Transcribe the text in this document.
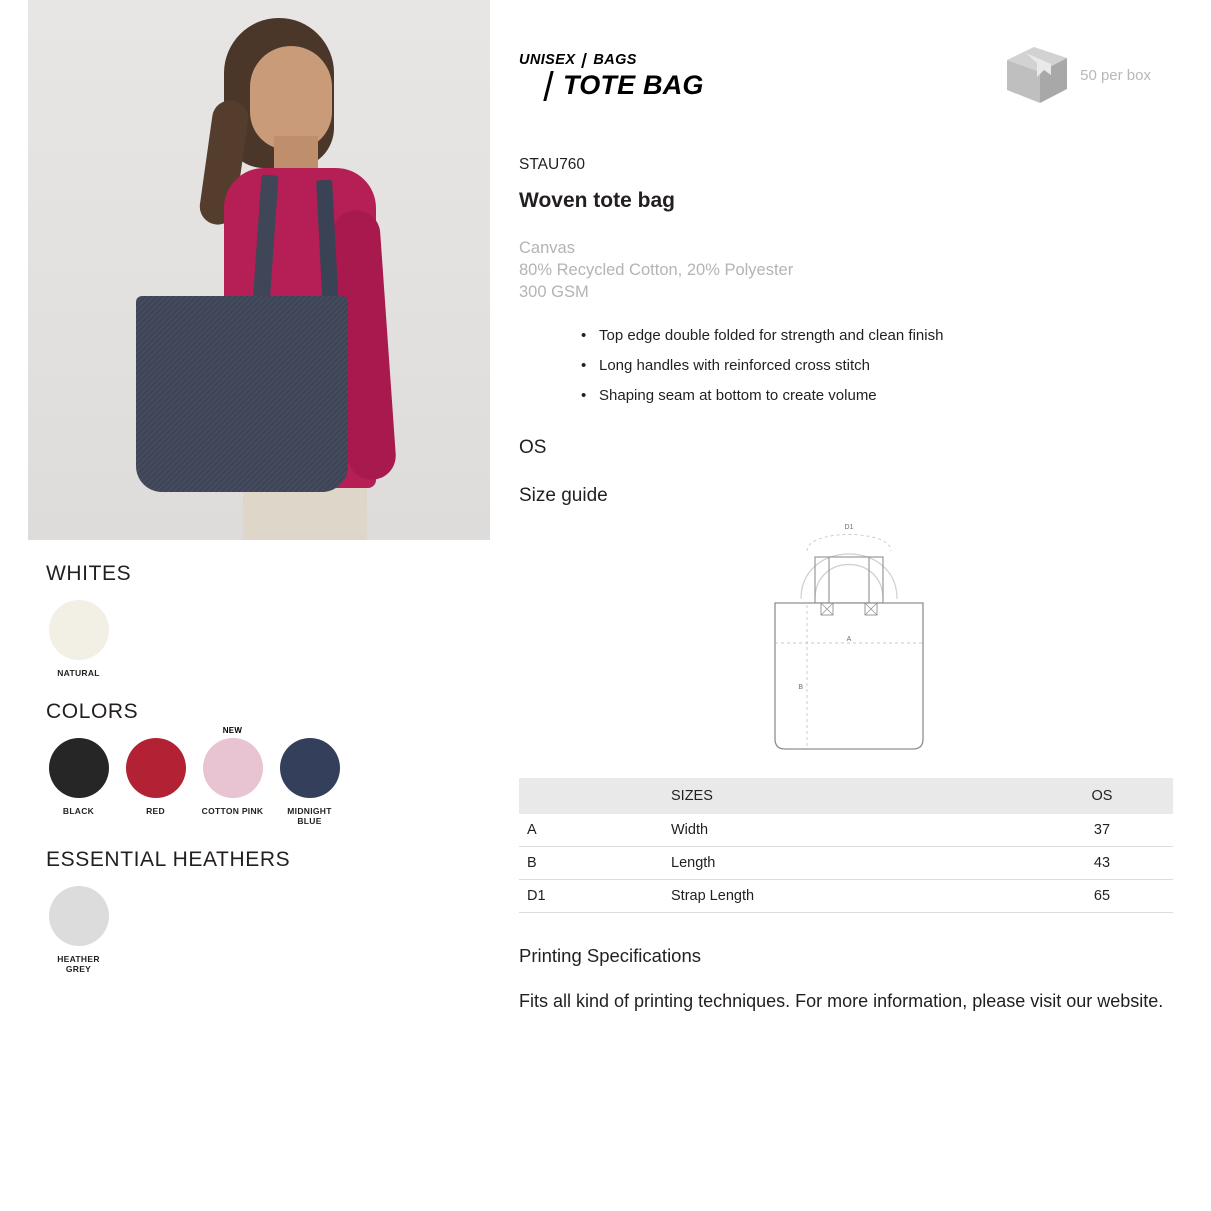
WHITES
NATURAL
COLORS
BLACK	RED
NEW
COTTON PINK	MIDNIGHT BLUE
ESSENTIAL HEATHERS
HEATHER GREY
UNISEX BAGS
TOTE BAG	50 per box
STAU760
Woven tote bag
Canvas
80% Recycled Cotton, 20% Polyester
300 GSM
• Top edge double folded for strength and clean finish
• Long handles with reinforced cross stitch
• Shaping seam at bottom to create volume
OS
Size guide
D1
A
B
	SIZES	OS
A	Width	37
B	Length	43
D1	Strap Length	65
Printing Specifications
Fits all kind of printing techniques. For more information, please visit our website.
